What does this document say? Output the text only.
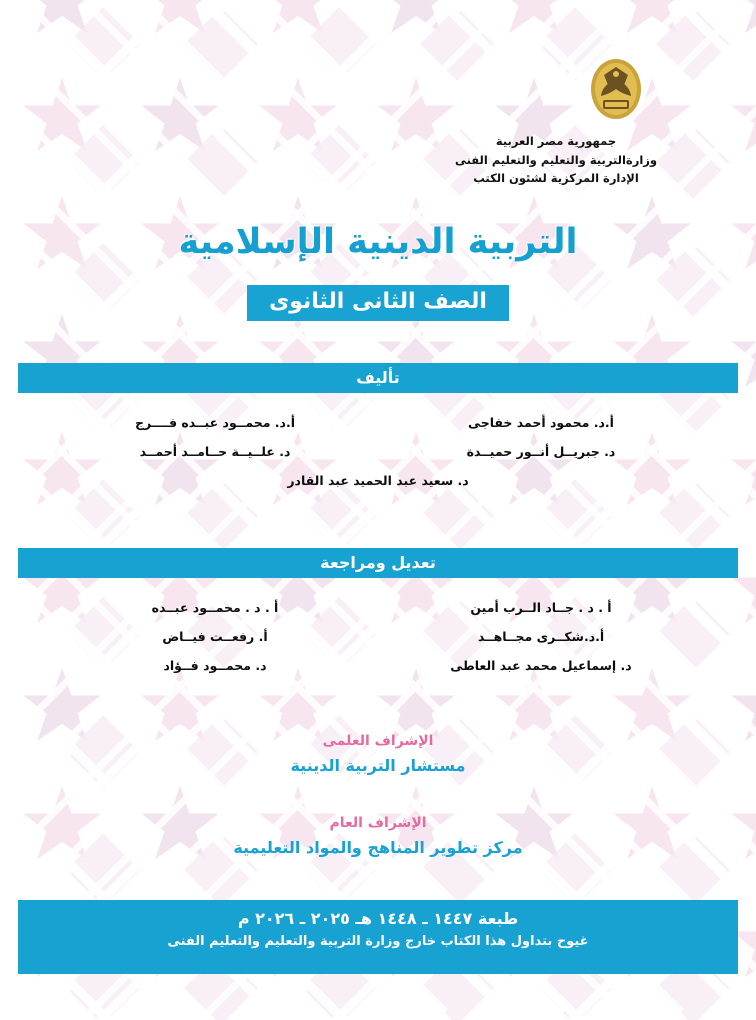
جمهورية مصر العربية
وزارةالتربية والتعليم والتعليم الفنى
الإدارة المركزية لشئون الكتب
التربية الدينية الإسلامية
الصف الثانى الثانوى
تأليف
أ.د. محمود أحمد خفاجى
أ.د. محمــود عبــده فــــرج
د. جبريــل أنــور حميــدة
د. علــيــة حــامــد أحمــد
د. سعيد عبد الحميد عبد القادر
تعديل ومراجعة
أ . د . جــاد الــرب أمين
أ . د . محمــود عبــده
أ.د.شكــرى مجــاهــد
أ. رفعــت فيــاض
د. إسماعيل محمد عبد العاطى
د. محمــود فــؤاد
الإشراف العلمى
مستشار التربية الدينية
الإشراف العام
مركز تطوير المناهج والمواد التعليمية
طبعة ١٤٤٧ ـ ١٤٤٨ هـ ٢٠٢٥ ـ ٢٠٢٦ م
غيوح بتداول هذا الكتاب خارج وزارة التربية والتعليم والتعليم الفنى
